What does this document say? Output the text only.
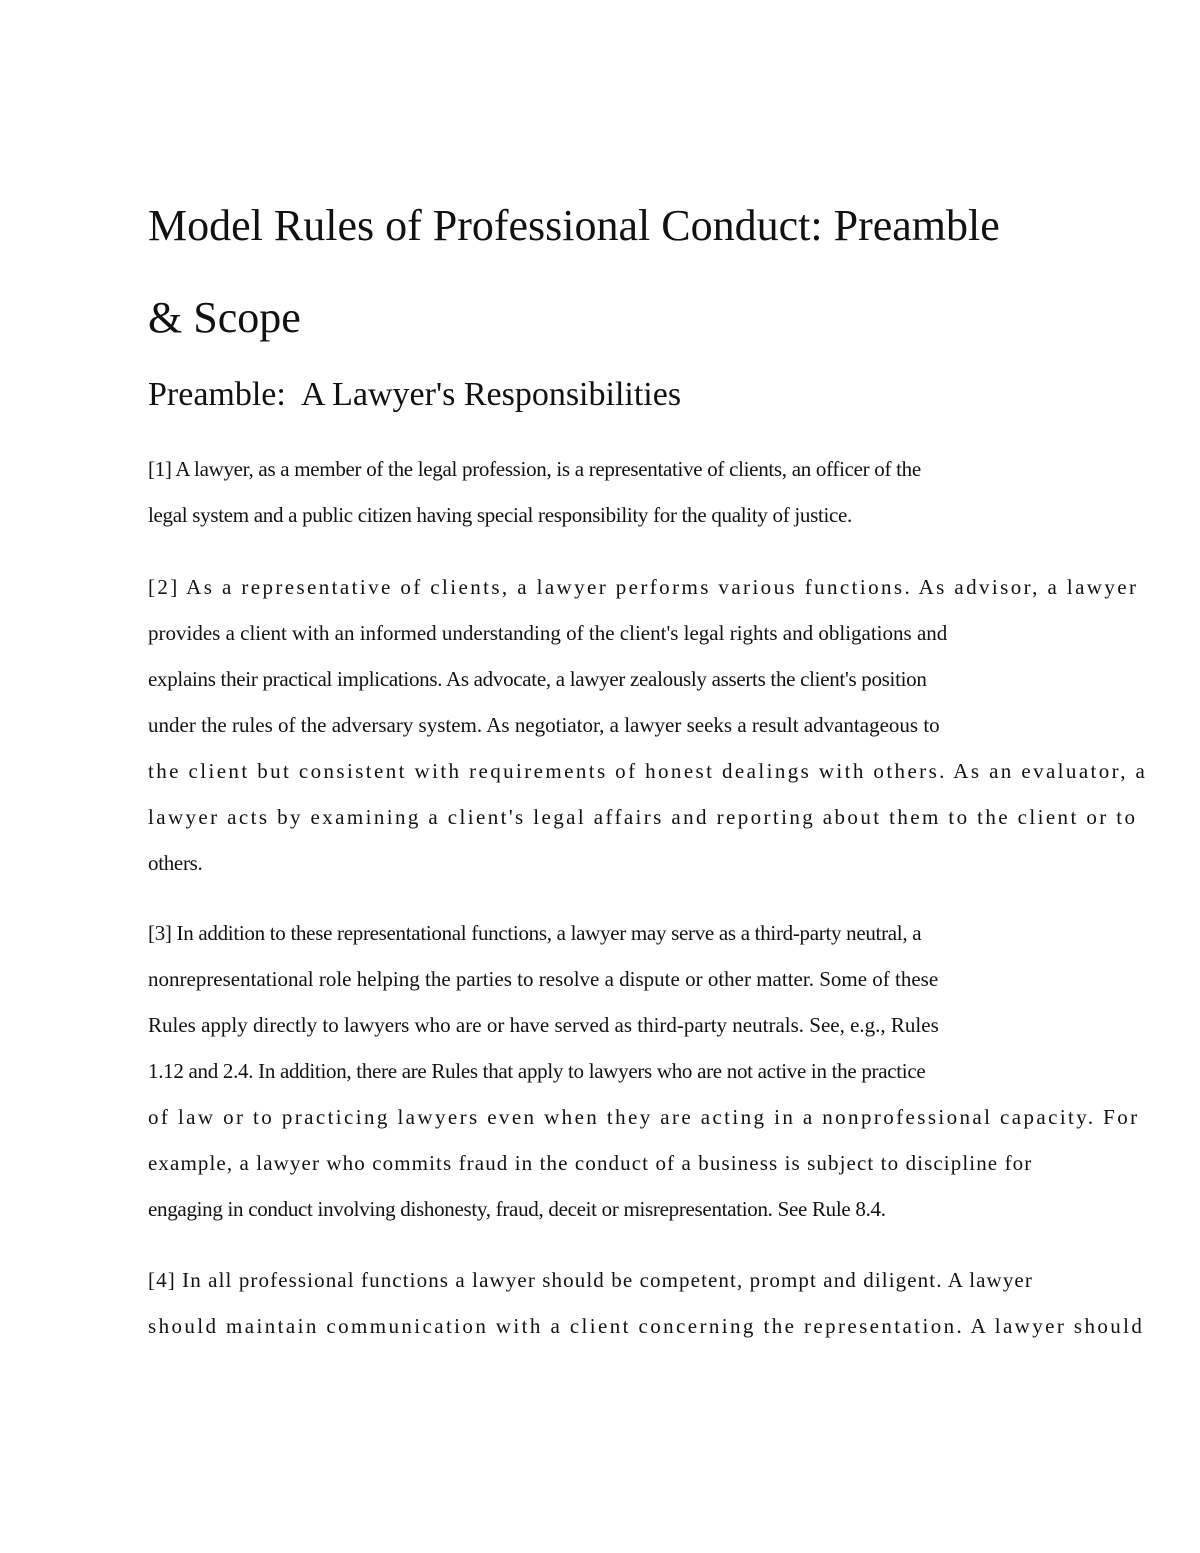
Model Rules of Professional Conduct: Preamble
& Scope
Preamble:  A Lawyer's Responsibilities

[1] A lawyer, as a member of the legal profession, is a representative of clients, an officer of the
legal system and a public citizen having special responsibility for the quality of justice.

[2] As a representative of clients, a lawyer performs various functions. As advisor, a lawyer
provides a client with an informed understanding of the client's legal rights and obligations and
explains their practical implications. As advocate, a lawyer zealously asserts the client's position
under the rules of the adversary system. As negotiator, a lawyer seeks a result advantageous to
the client but consistent with requirements of honest dealings with others. As an evaluator, a
lawyer acts by examining a client's legal affairs and reporting about them to the client or to
others.

[3] In addition to these representational functions, a lawyer may serve as a third-party neutral, a
nonrepresentational role helping the parties to resolve a dispute or other matter. Some of these
Rules apply directly to lawyers who are or have served as third-party neutrals. See, e.g., Rules
1.12 and 2.4. In addition, there are Rules that apply to lawyers who are not active in the practice
of law or to practicing lawyers even when they are acting in a nonprofessional capacity. For
example, a lawyer who commits fraud in the conduct of a business is subject to discipline for
engaging in conduct involving dishonesty, fraud, deceit or misrepresentation. See Rule 8.4.

[4] In all professional functions a lawyer should be competent, prompt and diligent. A lawyer
should maintain communication with a client concerning the representation. A lawyer should
